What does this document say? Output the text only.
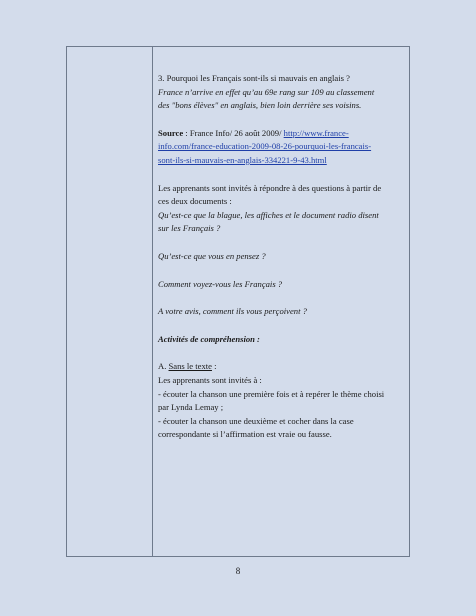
3. Pourquoi les Français sont-ils si mauvais en anglais ?

France n’arrive en effet qu’au 69e rang sur 109 au classement

des "bons élèves" en anglais, bien loin derrière ses voisins.

Source : France Info/ 26 août 2009/ http://www.france-

info.com/france-education-2009-08-26-pourquoi-les-francais-

sont-ils-si-mauvais-en-anglais-334221-9-43.html

Les apprenants sont invités à répondre à des questions à partir de

ces deux documents :

Qu’est-ce que la blague, les affiches et le document radio disent

sur les Français ?

Qu’est-ce que vous en pensez ?

Comment voyez-vous les Français ?

A votre avis, comment ils vous perçoivent ?

Activités de compréhension :

A. Sans le texte :

Les apprenants sont invités à :

- écouter la chanson une première fois et à repérer le thème choisi

par Lynda Lemay ;

- écouter la chanson une deuxième et cocher dans la case

correspondante si l’affirmation est vraie ou fausse.

8
